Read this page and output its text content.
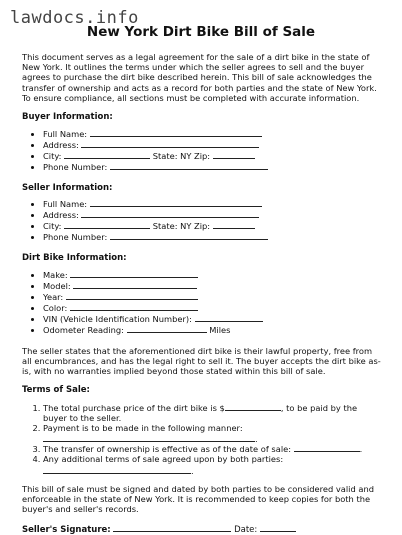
lawdocs.info
New York Dirt Bike Bill of Sale

This document serves as a legal agreement for the sale of a dirt bike in the state of New York. It outlines the terms under which the seller agrees to sell and the buyer agrees to purchase the dirt bike described herein. This bill of sale acknowledges the transfer of ownership and acts as a record for both parties and the state of New York. To ensure compliance, all sections must be completed with accurate information.

Buyer Information:
• Full Name:
• Address:
• City:	State: NY Zip:
• Phone Number:
Seller Information:
• Full Name:
• Address:
• City:	State: NY Zip:
• Phone Number:
Dirt Bike Information:
• Make:
• Model:
• Year:
• Color:
• VIN (Vehicle Identification Number):
• Odometer Reading:	Miles

The seller states that the aforementioned dirt bike is their lawful property, free from all encumbrances, and has the legal right to sell it. The buyer accepts the dirt bike as-is, with no warranties implied beyond those stated within this bill of sale.

Terms of Sale:
1. The total purchase price of the dirt bike is $	, to be paid by the buyer to the seller.
2. Payment is to be made in the following manner:
.
3. The transfer of ownership is effective as of the date of sale:	.
4. Any additional terms of sale agreed upon by both parties:
.

This bill of sale must be signed and dated by both parties to be considered valid and enforceable in the state of New York. It is recommended to keep copies for both the buyer's and seller's records.

Seller's Signature:	Date:
